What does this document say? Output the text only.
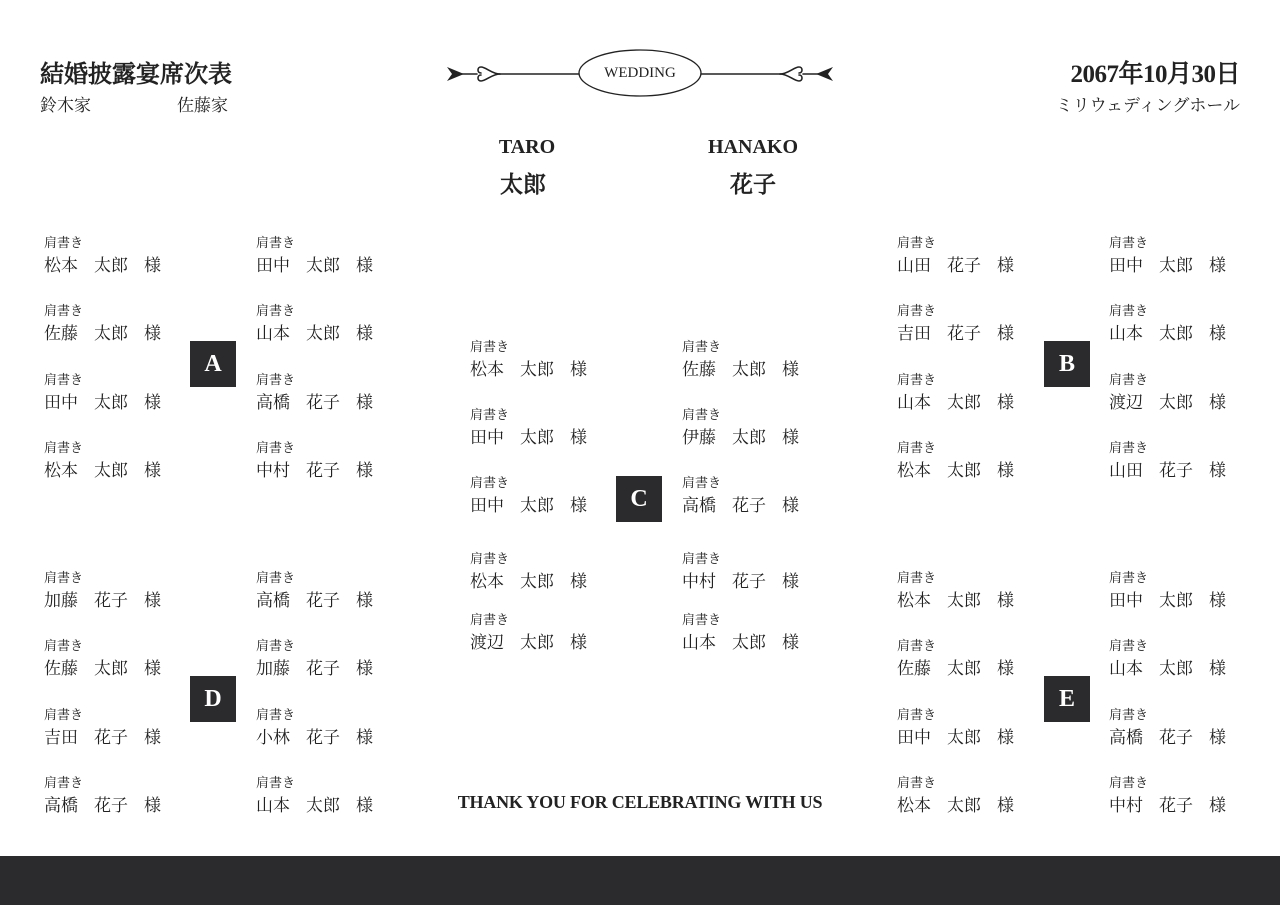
結婚披露宴席次表
鈴木家	佐藤家
WEDDING	2067年10月30日
ミリウェディングホール
TARO
太郎
HANAKO
花子
A
肩書き
松本 太郎 様
肩書き
佐藤 太郎 様
肩書き
田中 太郎 様
肩書き
松本 太郎 様
肩書き
田中 太郎 様
肩書き
山本 太郎 様
肩書き
高橋 花子 様
肩書き
中村 花子 様
B
肩書き
山田 花子 様
肩書き
吉田 花子 様
肩書き
山本 太郎 様
肩書き
松本 太郎 様
肩書き
田中 太郎 様
肩書き
山本 太郎 様
肩書き
渡辺 太郎 様
肩書き
山田 花子 様
C
肩書き
松本 太郎 様
肩書き
田中 太郎 様
肩書き
田中 太郎 様
肩書き
松本 太郎 様
肩書き
渡辺 太郎 様
肩書き
佐藤 太郎 様
肩書き
伊藤 太郎 様
肩書き
高橋 花子 様
肩書き
中村 花子 様
肩書き
山本 太郎 様
D
肩書き
加藤 花子 様
肩書き
佐藤 太郎 様
肩書き
吉田 花子 様
肩書き
高橋 花子 様
肩書き
高橋 花子 様
肩書き
加藤 花子 様
肩書き
小林 花子 様
肩書き
山本 太郎 様
E
肩書き
松本 太郎 様
肩書き
佐藤 太郎 様
肩書き
田中 太郎 様
肩書き
松本 太郎 様
肩書き
田中 太郎 様
肩書き
山本 太郎 様
肩書き
高橋 花子 様
肩書き
中村 花子 様
THANK YOU FOR CELEBRATING WITH US
